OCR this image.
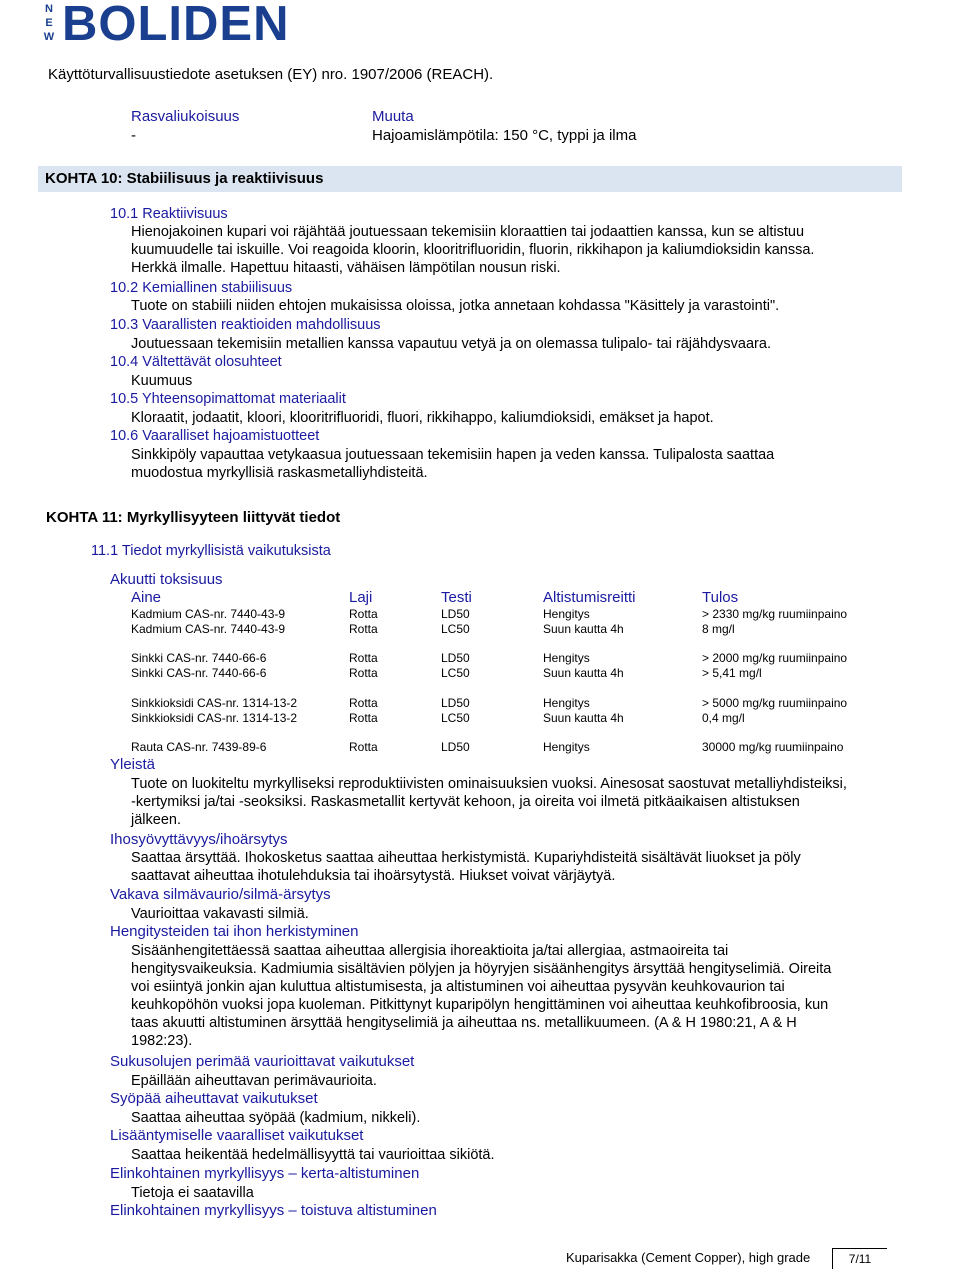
N
E
W BOLIDEN
Käyttöturvallisuustiedote asetuksen (EY) nro. 1907/2006 (REACH).
Rasvaliukoisuus	Muuta
-	Hajoamislämpötila: 150 °C, typpi ja ilma
KOHTA 10: Stabiilisuus ja reaktiivisuus
10.1 Reaktiivisuus
Hienojakoinen kupari voi räjähtää joutuessaan tekemisiin kloraattien tai jodaattien kanssa, kun se altistuu
kuumuudelle tai iskuille. Voi reagoida kloorin, klooritrifluoridin, fluorin, rikkihapon ja kaliumdioksidin kanssa.
Herkkä ilmalle. Hapettuu hitaasti, vähäisen lämpötilan nousun riski.
10.2 Kemiallinen stabiilisuus
Tuote on stabiili niiden ehtojen mukaisissa oloissa, jotka annetaan kohdassa "Käsittely ja varastointi".
10.3 Vaarallisten reaktioiden mahdollisuus
Joutuessaan tekemisiin metallien kanssa vapautuu vetyä ja on olemassa tulipalo- tai räjähdysvaara.
10.4 Vältettävät olosuhteet
Kuumuus
10.5 Yhteensopimattomat materiaalit
Kloraatit, jodaatit, kloori, klooritrifluoridi, fluori, rikkihappo, kaliumdioksidi, emäkset ja hapot.
10.6 Vaaralliset hajoamistuotteet
Sinkkipöly vapauttaa vetykaasua joutuessaan tekemisiin hapen ja veden kanssa. Tulipalosta saattaa
muodostua myrkyllisiä raskasmetalliyhdisteitä.
KOHTA 11: Myrkyllisyyteen liittyvät tiedot
11.1 Tiedot myrkyllisistä vaikutuksista
Akuutti toksisuus
Aine	Laji	Testi	Altistumisreitti	Tulos
Kadmium CAS-nr. 7440-43-9	Rotta	LD50	Hengitys	> 2330 mg/kg ruumiinpaino
Kadmium CAS-nr. 7440-43-9	Rotta	LC50	Suun kautta 4h	8 mg/l
Sinkki CAS-nr. 7440-66-6	Rotta	LD50	Hengitys	> 2000 mg/kg ruumiinpaino
Sinkki CAS-nr. 7440-66-6	Rotta	LC50	Suun kautta 4h	> 5,41 mg/l
Sinkkioksidi CAS-nr. 1314-13-2	Rotta	LD50	Hengitys	> 5000 mg/kg ruumiinpaino
Sinkkioksidi CAS-nr. 1314-13-2	Rotta	LC50	Suun kautta 4h	0,4 mg/l
Rauta CAS-nr. 7439-89-6	Rotta	LD50	Hengitys	30000 mg/kg ruumiinpaino
Yleistä
Tuote on luokiteltu myrkylliseksi reproduktiivisten ominaisuuksien vuoksi. Ainesosat saostuvat metalliyhdisteiksi,
-kertymiksi ja/tai -seoksiksi. Raskasmetallit kertyvät kehoon, ja oireita voi ilmetä pitkäaikaisen altistuksen
jälkeen.
Ihosyövyttävyys/ihoärsytys
Saattaa ärsyttää. Ihokosketus saattaa aiheuttaa herkistymistä. Kupariyhdisteitä sisältävät liuokset ja pöly
saattavat aiheuttaa ihotulehduksia tai ihoärsytystä. Hiukset voivat värjäytyä.
Vakava silmävaurio/silmä-ärsytys
Vaurioittaa vakavasti silmiä.
Hengitysteiden tai ihon herkistyminen
Sisäänhengitettäessä saattaa aiheuttaa allergisia ihoreaktioita ja/tai allergiaa, astmaoireita tai
hengitysvaikeuksia. Kadmiumia sisältävien pölyjen ja höyryjen sisäänhengitys ärsyttää hengityselimiä. Oireita
voi esiintyä jonkin ajan kuluttua altistumisesta, ja altistuminen voi aiheuttaa pysyvän keuhkovaurion tai
keuhkopöhön vuoksi jopa kuoleman. Pitkittynyt kuparipölyn hengittäminen voi aiheuttaa keuhkofibroosia, kun
taas akuutti altistuminen ärsyttää hengityselimiä ja aiheuttaa ns. metallikuumeen. (A & H 1980:21, A & H
1982:23).
Sukusolujen perimää vaurioittavat vaikutukset
Epäillään aiheuttavan perimävaurioita.
Syöpää aiheuttavat vaikutukset
Saattaa aiheuttaa syöpää (kadmium, nikkeli).
Lisääntymiselle vaaralliset vaikutukset
Saattaa heikentää hedelmällisyyttä tai vaurioittaa sikiötä.
Elinkohtainen myrkyllisyys – kerta-altistuminen
Tietoja ei saatavilla
Elinkohtainen myrkyllisyys – toistuva altistuminen
Kuparisakka (Cement Copper), high grade	7/11
